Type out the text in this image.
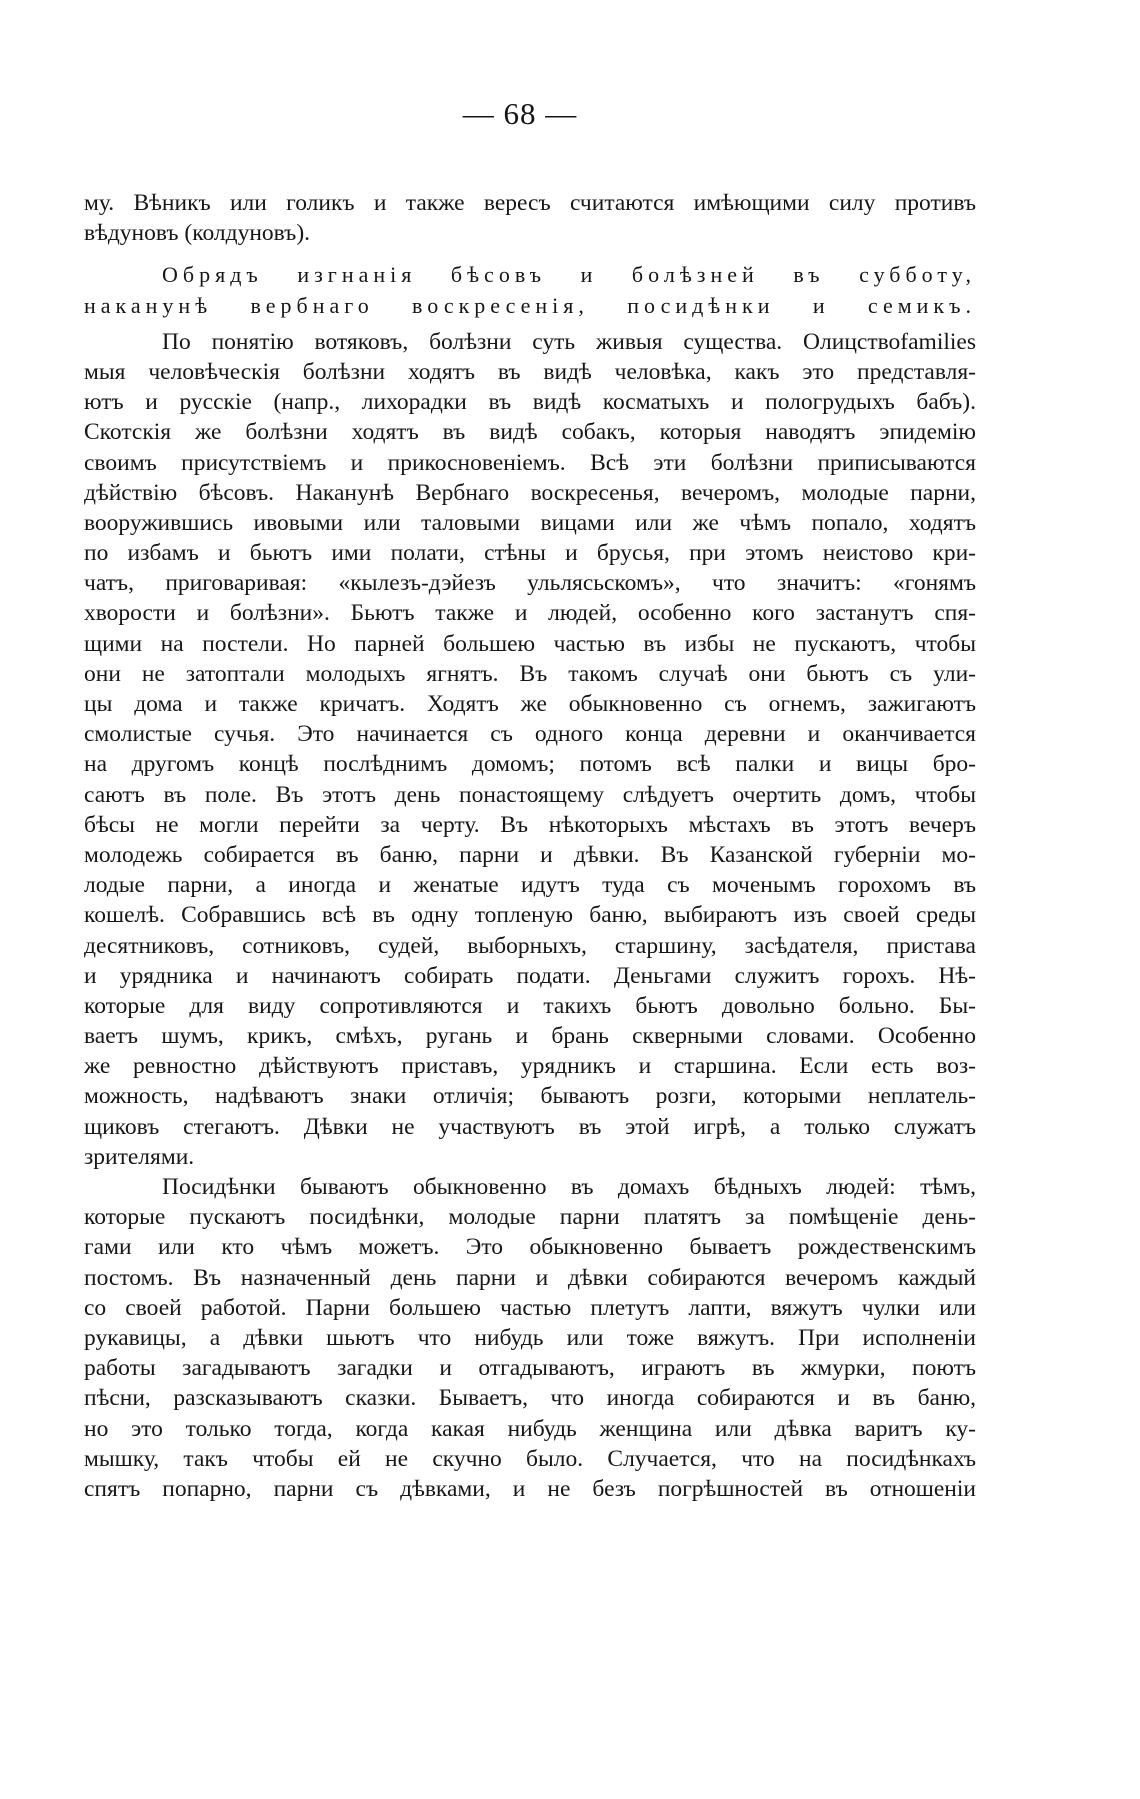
— 68 —
му. Вѣникъ или голикъ и также вересъ считаются имѣющими силу противъ
вѣдуновъ (колдуновъ).
Обрядъ изгнанія бѣсовъ и болѣзней въ субботу,
наканунѣ вербнаго воскресенія, посидѣнки и семикъ.
По понятію вотяковъ, болѣзни суть живыя существа. Олицствоfamilies
мыя человѣческія болѣзни ходятъ въ видѣ человѣка, какъ это представля-
ютъ и русскіе (напр., лихорадки въ видѣ косматыхъ и пологрудыхъ бабъ).
Скотскія же болѣзни ходятъ въ видѣ собакъ, которыя наводятъ эпидемію
своимъ присутствіемъ и прикосновеніемъ. Всѣ эти болѣзни приписываются
дѣйствію бѣсовъ. Наканунѣ Вербнаго воскресенья, вечеромъ, молодые парни,
вооружившись ивовыми или таловыми вицами или же чѣмъ попало, ходятъ
по избамъ и бьютъ ими полати, стѣны и брусья, при этомъ неистово кри-
чатъ, приговаривая: «кылезъ-дэйезъ ульлясьскомъ», что значитъ: «гонямъ
хворости и болѣзни». Бьютъ также и людей, особенно кого застанутъ спя-
щими на постели. Но парней большею частью въ избы не пускаютъ, чтобы
они не затоптали молодыхъ ягнятъ. Въ такомъ случаѣ они бьютъ съ ули-
цы дома и также кричатъ. Ходятъ же обыкновенно съ огнемъ, зажигаютъ
смолистые сучья. Это начинается съ одного конца деревни и оканчивается
на другомъ концѣ послѣднимъ домомъ; потомъ всѣ палки и вицы бро-
саютъ въ поле. Въ этотъ день понастоящему слѣдуетъ очертить домъ, чтобы
бѣсы не могли перейти за черту. Въ нѣкоторыхъ мѣстахъ въ этотъ вечеръ
молодежь собирается въ баню, парни и дѣвки. Въ Казанской губерніи мо-
лодые парни, а иногда и женатые идутъ туда съ моченымъ горохомъ въ
кошелѣ. Собравшись всѣ въ одну топленую баню, выбираютъ изъ своей среды
десятниковъ, сотниковъ, судей, выборныхъ, старшину, засѣдателя, пристава
и урядника и начинаютъ собирать подати. Деньгами служитъ горохъ. Нѣ-
которые для виду сопротивляются и такихъ бьютъ довольно больно. Бы-
ваетъ шумъ, крикъ, смѣхъ, ругань и брань скверными словами. Особенно
же ревностно дѣйствуютъ приставъ, урядникъ и старшина. Если есть воз-
можность, надѣваютъ знаки отличія; бываютъ розги, которыми неплатель-
щиковъ стегаютъ. Дѣвки не участвуютъ въ этой игрѣ, а только служатъ
зрителями.
Посидѣнки бываютъ обыкновенно въ домахъ бѣдныхъ людей: тѣмъ,
которые пускаютъ посидѣнки, молодые парни платятъ за помѣщеніе день-
гами или кто чѣмъ можетъ. Это обыкновенно бываетъ рождественскимъ
постомъ. Въ назначенный день парни и дѣвки собираются вечеромъ каждый
со своей работой. Парни большею частью плетутъ лапти, вяжутъ чулки или
рукавицы, а дѣвки шьютъ что нибудь или тоже вяжутъ. При исполненіи
работы загадываютъ загадки и отгадываютъ, играютъ въ жмурки, поютъ
пѣсни, разсказываютъ сказки. Бываетъ, что иногда собираются и въ баню,
но это только тогда, когда какая нибудь женщина или дѣвка варитъ ку-
мышку, такъ чтобы ей не скучно было. Случается, что на посидѣнкахъ
спятъ попарно, парни съ дѣвками, и не безъ погрѣшностей въ отношеніи
